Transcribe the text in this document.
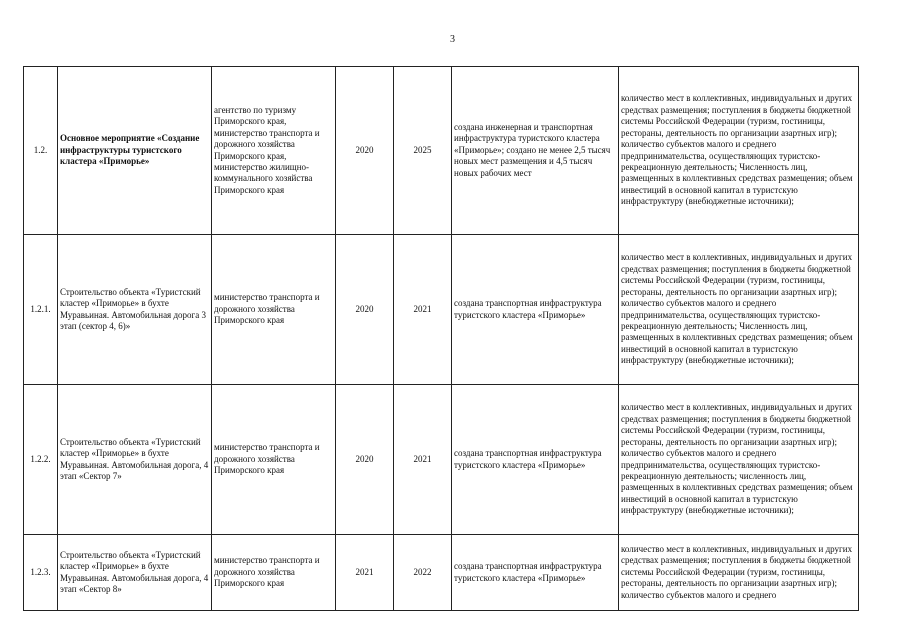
3
1.2.	Основное мероприятие «Создание инфраструктуры туристского кластера «Приморье»	агентство по туризму Приморского края, министерство транспорта и дорожного хозяйства Приморского края, министерство жилищно-коммунального хозяйства Приморского края	2020	2025	создана инженерная и транспортная инфраструктура туристского кластера «Приморье»; создано не менее 2,5 тысяч новых мест размещения и 4,5 тысяч новых рабочих мест	количество мест в коллективных, индивидуальных и других средствах размещения; поступления в бюджеты бюджетной системы Российской Федерации (туризм, гостиницы, рестораны, деятельность по организации азартных игр); количество субъектов малого и среднего предпринимательства, осуществляющих туристско-рекреационную деятельность; Численность лиц, размещенных в коллективных средствах размещения; объем инвестиций в основной капитал в туристскую инфраструктуру (внебюджетные источники);
1.2.1.	Строительство объекта «Туристский кластер «Приморье» в бухте Муравьиная. Автомобильная дорога 3 этап (сектор 4, 6)»	министерство транспорта и дорожного хозяйства Приморского края	2020	2021	создана транспортная инфраструктура туристского кластера «Приморье»	количество мест в коллективных, индивидуальных и других средствах размещения; поступления в бюджеты бюджетной системы Российской Федерации (туризм, гостиницы, рестораны, деятельность по организации азартных игр); количество субъектов малого и среднего предпринимательства, осуществляющих туристско-рекреационную деятельность; Численность лиц, размещенных в коллективных средствах размещения; объем инвестиций в основной капитал в туристскую инфраструктуру (внебюджетные источники);
1.2.2.	Строительство объекта «Туристский кластер «Приморье» в бухте Муравьиная. Автомобильная дорога, 4 этап «Сектор 7»	министерство транспорта и дорожного хозяйства Приморского края	2020	2021	создана транспортная инфраструктура туристского кластера «Приморье»	количество мест в коллективных, индивидуальных и других средствах размещения; поступления в бюджеты бюджетной системы Российской Федерации (туризм, гостиницы, рестораны, деятельность по организации азартных игр); количество субъектов малого и среднего предпринимательства, осуществляющих туристско-рекреационную деятельность; численность лиц, размещенных в коллективных средствах размещения; объем инвестиций в основной капитал в туристскую инфраструктуру (внебюджетные источники);
1.2.3.	Строительство объекта «Туристский кластер «Приморье» в бухте Муравьиная. Автомобильная дорога, 4 этап «Сектор 8»	министерство транспорта и дорожного хозяйства Приморского края	2021	2022	создана транспортная инфраструктура туристского кластера «Приморье»	количество мест в коллективных, индивидуальных и других средствах размещения; поступления в бюджеты бюджетной системы Российской Федерации (туризм, гостиницы, рестораны, деятельность по организации азартных игр); количество субъектов малого и среднего
